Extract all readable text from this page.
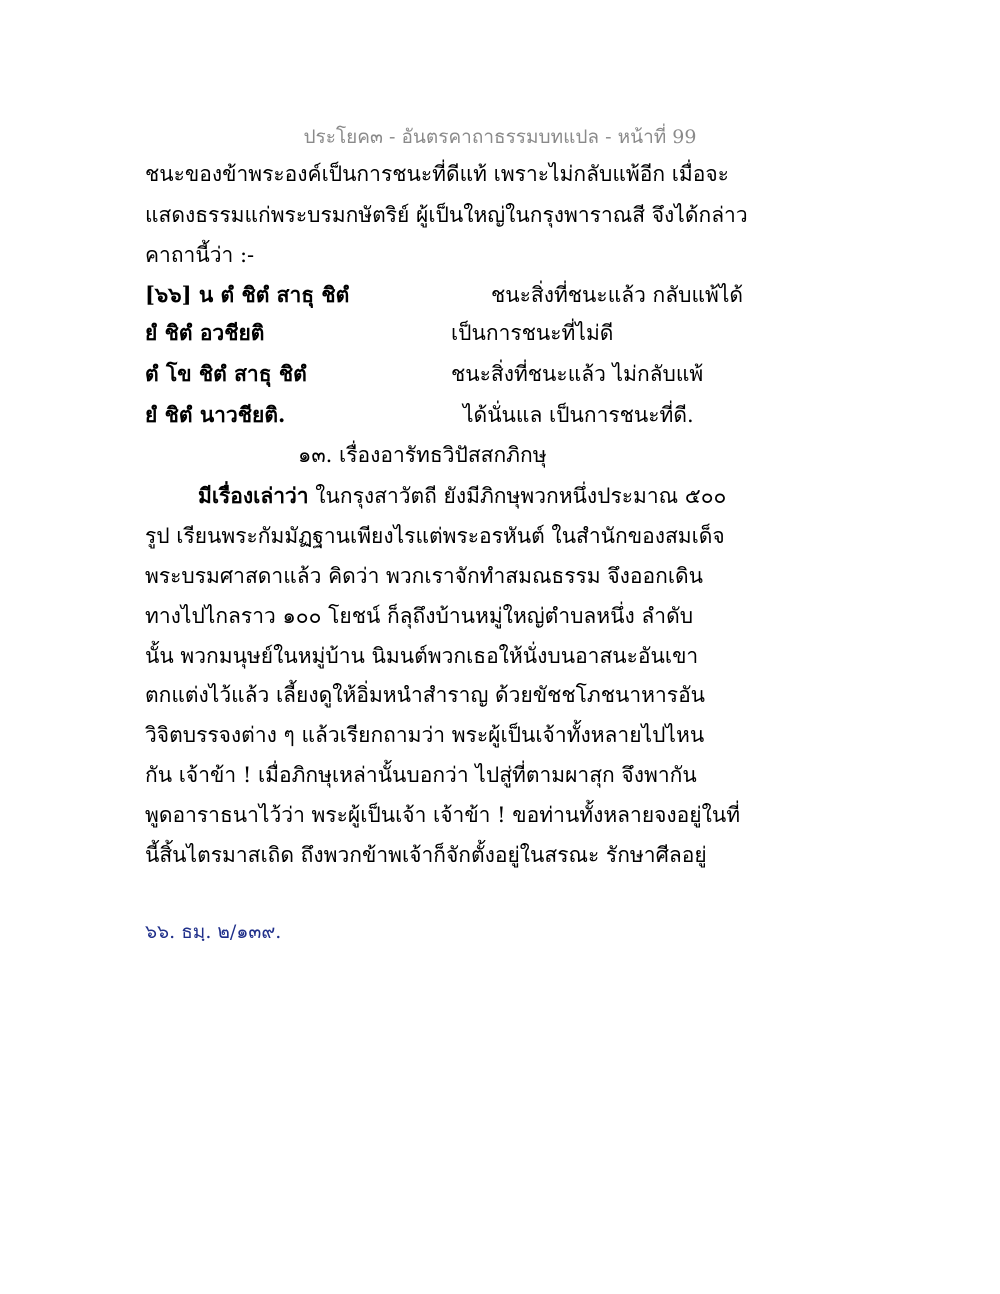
ประโยค๓ - อันตรคาถาธรรมบทแปล - หน้าที่ 99
ชนะของข้าพระองค์เป็นการชนะที่ดีแท้ เพราะไม่กลับแพ้อีก เมื่อจะ
แสดงธรรมแก่พระบรมกษัตริย์ ผู้เป็นใหญ่ในกรุงพาราณสี จึงได้กล่าว
คาถานี้ว่า :-
[๖๖] น ตํ ชิตํ สาธุ ชิตํ	ชนะสิ่งที่ชนะแล้ว กลับแพ้ได้
ยํ ชิตํ อวชียติ	เป็นการชนะที่ไม่ดี
ตํ โข ชิตํ สาธุ ชิตํ	ชนะสิ่งที่ชนะแล้ว ไม่กลับแพ้
ยํ ชิตํ นาวชียติ.	ได้นั่นแล เป็นการชนะที่ดี.
๑๓. เรื่องอารัทธวิปัสสกภิกษุ
มีเรื่องเล่าว่า ในกรุงสาวัตถี ยังมีภิกษุพวกหนึ่งประมาณ ๕๐๐
รูป เรียนพระกัมมัฏฐานเพียงไรแต่พระอรหันต์ ในสำนักของสมเด็จ
พระบรมศาสดาแล้ว คิดว่า พวกเราจักทำสมณธรรม จึงออกเดิน
ทางไปไกลราว ๑๐๐ โยชน์ ก็ลุถึงบ้านหมู่ใหญ่ตำบลหนึ่ง ลำดับ
นั้น พวกมนุษย์ในหมู่บ้าน นิมนต์พวกเธอให้นั่งบนอาสนะอันเขา
ตกแต่งไว้แล้ว เลี้ยงดูให้อิ่มหนำสำราญ ด้วยขัชชโภชนาหารอัน
วิจิตบรรจงต่าง ๆ แล้วเรียกถามว่า พระผู้เป็นเจ้าทั้งหลายไปไหน
กัน เจ้าข้า ! เมื่อภิกษุเหล่านั้นบอกว่า ไปสู่ที่ตามผาสุก จึงพากัน
พูดอาราธนาไว้ว่า พระผู้เป็นเจ้า เจ้าข้า ! ขอท่านทั้งหลายจงอยู่ในที่
นี้สิ้นไตรมาสเถิด ถึงพวกข้าพเจ้าก็จักตั้งอยู่ในสรณะ รักษาศีลอยู่
๖๖. ธมฺ. ๒/๑๓๙.
